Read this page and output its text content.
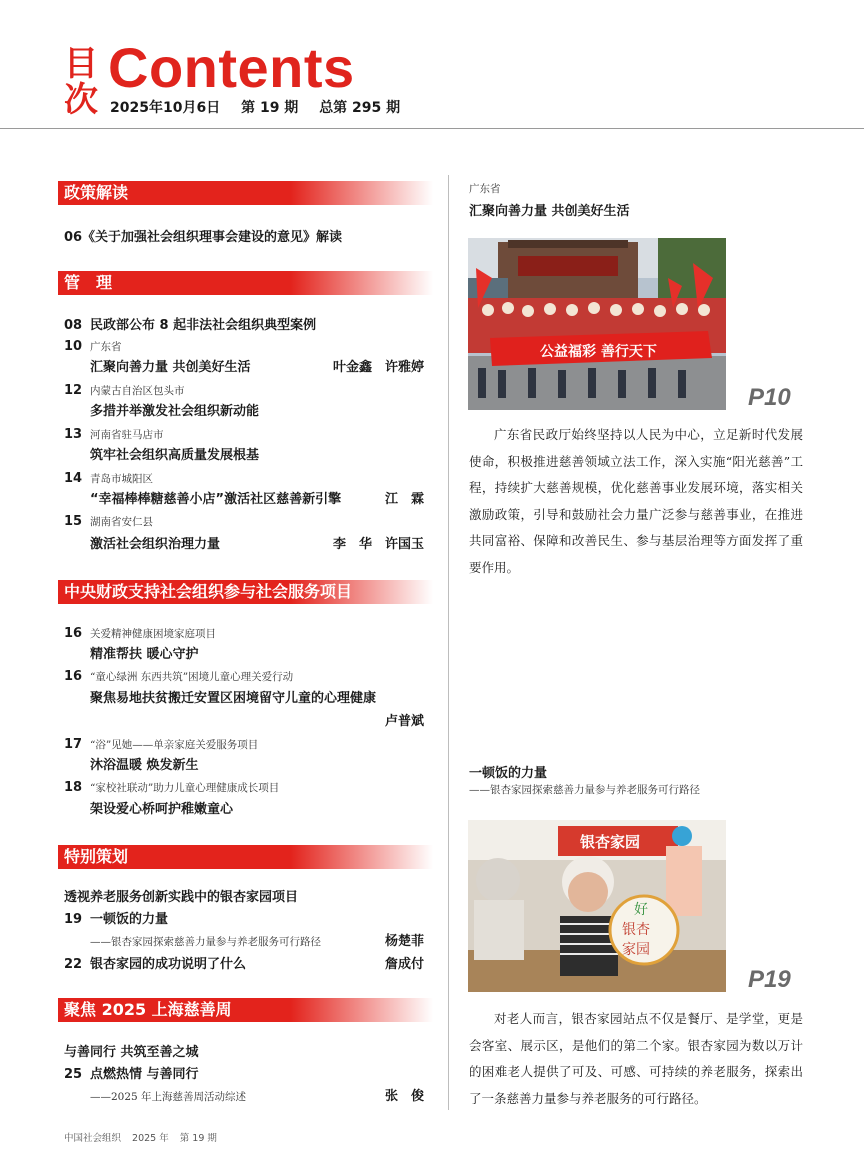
目
次
Contents
2025年10月6日 第 19 期 总第 295 期
政策解读
06 《关于加强社会组织理事会建设的意见》解读
管　理
08 民政部公布 8 起非法社会组织典型案例
10 广东省
汇聚向善力量 共创美好生活	叶金鑫　许雅婷
12 内蒙古自治区包头市
多措并举激发社会组织新动能
13 河南省驻马店市
筑牢社会组织高质量发展根基
14 青岛市城阳区
“幸福棒棒糖慈善小店”激活社区慈善新引擎	江　霖
15 湖南省安仁县
激活社会组织治理力量	李　华　许国玉
中央财政支持社会组织参与社会服务项目
16 关爱精神健康困境家庭项目
精准帮扶 暖心守护
16 “童心绿洲 东西共筑”困境儿童心理关爱行动
聚焦易地扶贫搬迁安置区困境留守儿童的心理健康
卢普斌
17 “浴”见她——单亲家庭关爱服务项目
沐浴温暖 焕发新生
18 “家校社联动”助力儿童心理健康成长项目
架设爱心桥呵护稚嫩童心
特别策划
透视养老服务创新实践中的银杏家园项目
19 一顿饭的力量
——银杏家园探索慈善力量参与养老服务可行路径	杨楚菲
22 银杏家园的成功说明了什么	詹成付
聚焦 2025 上海慈善周
与善同行 共筑至善之城
25 点燃热情 与善同行
——2025 年上海慈善周活动综述	张　俊
广东省
汇聚向善力量 共创美好生活
公益福彩 善行天下
P10
广东省民政厅始终坚持以人民为中心，立足新时代发展使命，积极推进慈善领域立法工作，深入实施“阳光慈善”工程，持续扩大慈善规模，优化慈善事业发展环境，落实相关激励政策，引导和鼓励社会力量广泛参与慈善事业，在推进共同富裕、保障和改善民生、参与基层治理等方面发挥了重要作用。
一顿饭的力量
——银杏家园探索慈善力量参与养老服务可行路径
银杏家园
好
银杏
家园
P19
对老人而言，银杏家园站点不仅是餐厅、是学堂，更是会客室、展示区，是他们的第二个家。银杏家园为数以万计的困难老人提供了可及、可感、可持续的养老服务，探索出了一条慈善力量参与养老服务的可行路径。
中国社会组织 2025 年 第 19 期
